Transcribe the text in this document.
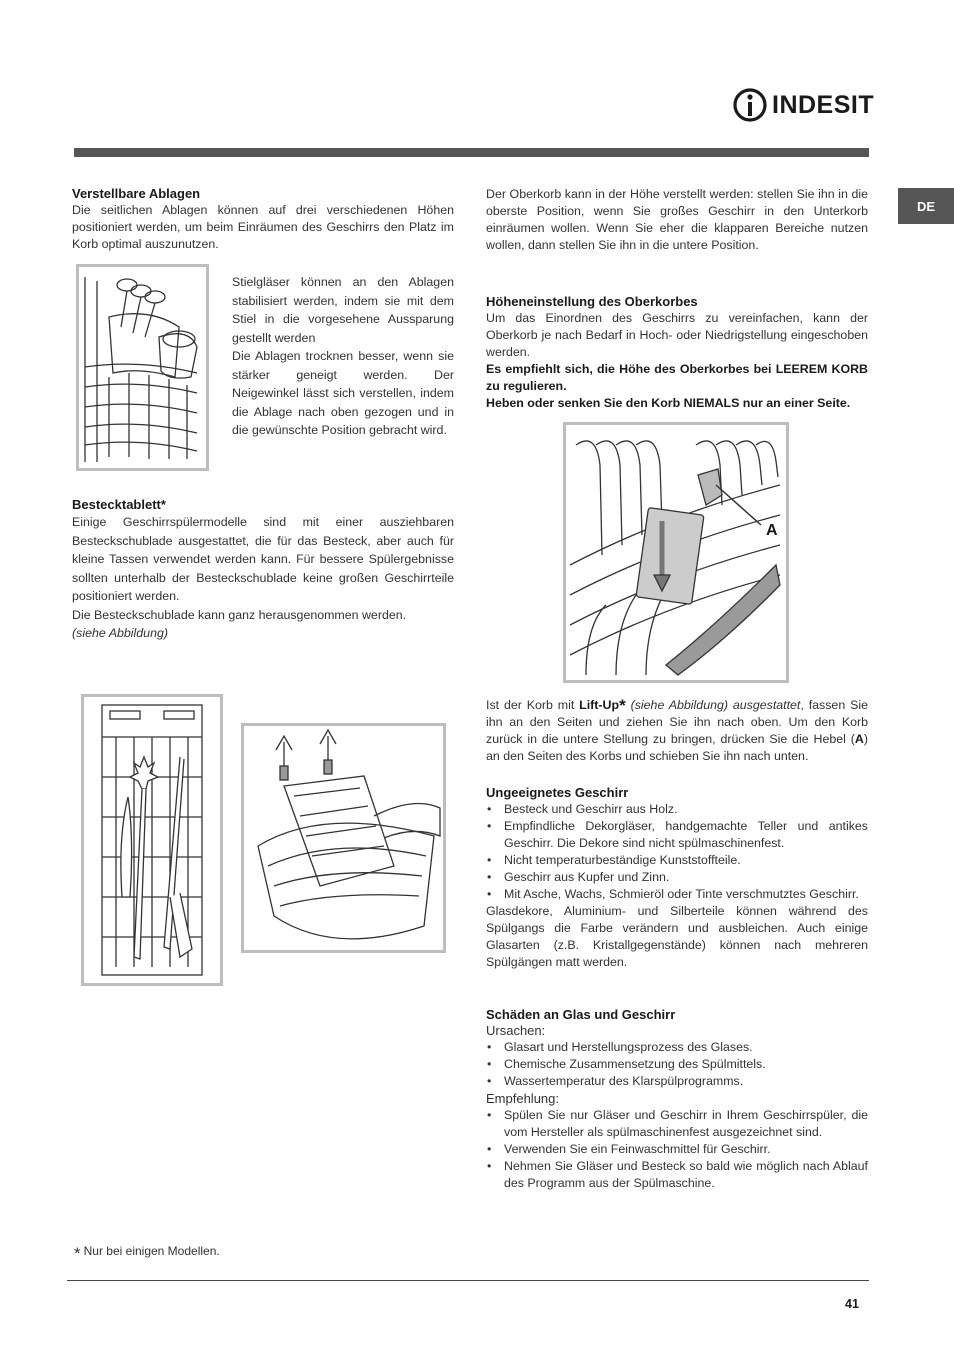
INDESIT
DE
Verstellbare Ablagen

Die seitlichen Ablagen können auf drei verschiedenen Höhen positioniert werden, um beim Einräumen des Geschirrs den Platz im Korb optimal auszunutzen.

Stielgläser können an den Ablagen stabilisiert werden, indem sie mit dem Stiel in die vorgesehene Aussparung gestellt werden

Die Ablagen trocknen besser, wenn sie stärker geneigt werden. Der Neigewinkel lässt sich verstellen, indem die Ablage nach oben gezogen und in die gewünschte Position gebracht wird.

Bestecktablett*

Einige Geschirrspülermodelle sind mit einer ausziehbaren Besteckschublade ausgestattet, die für das Besteck, aber auch für kleine Tassen verwendet werden kann. Für bessere Spülergebnisse sollten unterhalb der Besteckschublade keine großen Geschirrteile positioniert werden.

Die Besteckschublade kann ganz herausgenommen werden.

(siehe Abbildung)

Der Oberkorb kann in der Höhe verstellt werden: stellen Sie ihn in die oberste Position, wenn Sie großes Geschirr in den Unterkorb einräumen wollen. Wenn Sie eher die klapparen Bereiche nutzen wollen, dann stellen Sie ihn in die untere Position.

Höheneinstellung des Oberkorbes

Um das Einordnen des Geschirrs zu vereinfachen, kann der Oberkorb je nach Bedarf in Hoch- oder Niedrigstellung eingeschoben werden.

Es empfiehlt sich, die Höhe des Oberkorbes bei LEEREM KORB zu regulieren.

Heben oder senken Sie den Korb NIEMALS nur an einer Seite.

A

Ist der Korb mit Lift-Up* (siehe Abbildung) ausgestattet, fassen Sie ihn an den Seiten und ziehen Sie ihn nach oben. Um den Korb zurück in die untere Stellung zu bringen, drücken Sie die Hebel (A) an den Seiten des Korbs und schieben Sie ihn nach unten.

Ungeeignetes Geschirr
• Besteck und Geschirr aus Holz.
• Empfindliche Dekorgläser, handgemachte Teller und antikes Geschirr. Die Dekore sind nicht spülmaschinenfest.
• Nicht temperaturbeständige Kunststoffteile.
• Geschirr aus Kupfer und Zinn.
• Mit Asche, Wachs, Schmieröl oder Tinte verschmutztes Geschirr.

Glasdekore, Aluminium- und Silberteile können während des Spülgangs die Farbe verändern und ausbleichen. Auch einige Glasarten (z.B. Kristallgegenstände) können nach mehreren Spülgängen matt werden.

Schäden an Glas und Geschirr

Ursachen:

• Glasart und Herstellungsprozess des Glases.
• Chemische Zusammensetzung des Spülmittels.
• Wassertemperatur des Klarspülprogramms.

Empfehlung:

• Spülen Sie nur Gläser und Geschirr in Ihrem Geschirrspüler, die vom Hersteller als spülmaschinenfest ausgezeichnet sind.
• Verwenden Sie ein Feinwaschmittel für Geschirr.
• Nehmen Sie Gläser und Besteck so bald wie möglich nach Ablauf des Programm aus der Spülmaschine.
* Nur bei einigen Modellen.
41
